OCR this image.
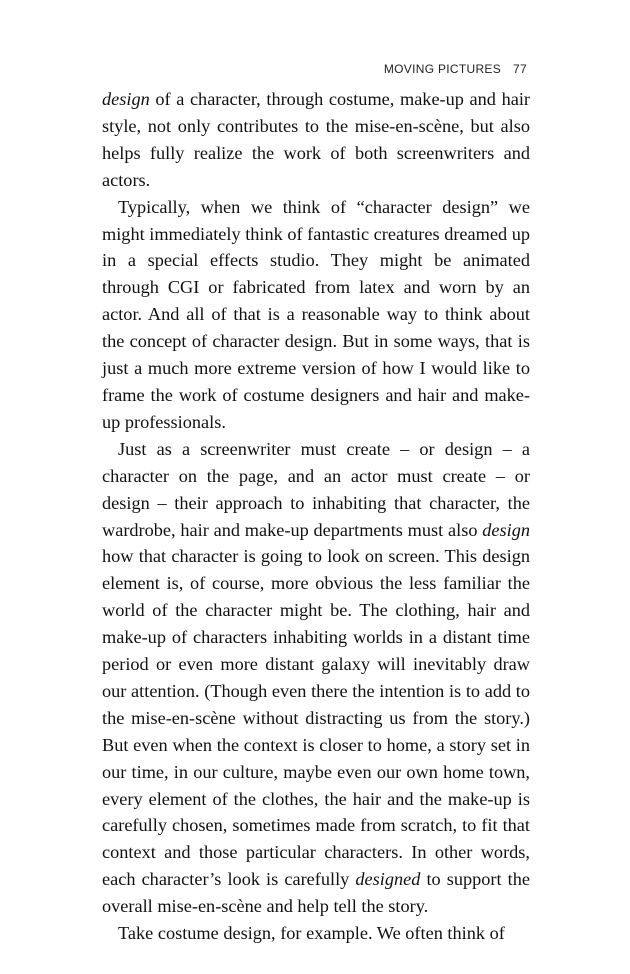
MOVING PICTURES 77

design of a character, through costume, make-up and hair style, not only contributes to the mise-en-scène, but also helps fully realize the work of both screenwriters and actors.

Typically, when we think of “character design” we might immediately think of fantastic creatures dreamed up in a special effects studio. They might be animated through CGI or fabricated from latex and worn by an actor. And all of that is a reasonable way to think about the concept of character design. But in some ways, that is just a much more extreme version of how I would like to frame the work of costume designers and hair and make-up professionals.

Just as a screenwriter must create – or design – a character on the page, and an actor must create – or design – their approach to inhabiting that character, the wardrobe, hair and make-up departments must also design how that character is going to look on screen. This design element is, of course, more obvious the less familiar the world of the character might be. The clothing, hair and make-up of characters inhabiting worlds in a distant time period or even more distant galaxy will inevitably draw our attention. (Though even there the intention is to add to the mise-en-scène without distracting us from the story.) But even when the context is closer to home, a story set in our time, in our culture, maybe even our own home town, every element of the clothes, the hair and the make-up is carefully chosen, sometimes made from scratch, to fit that context and those particular characters. In other words, each character’s look is carefully designed to support the overall mise-en-scène and help tell the story.

Take costume design, for example. We often think of
